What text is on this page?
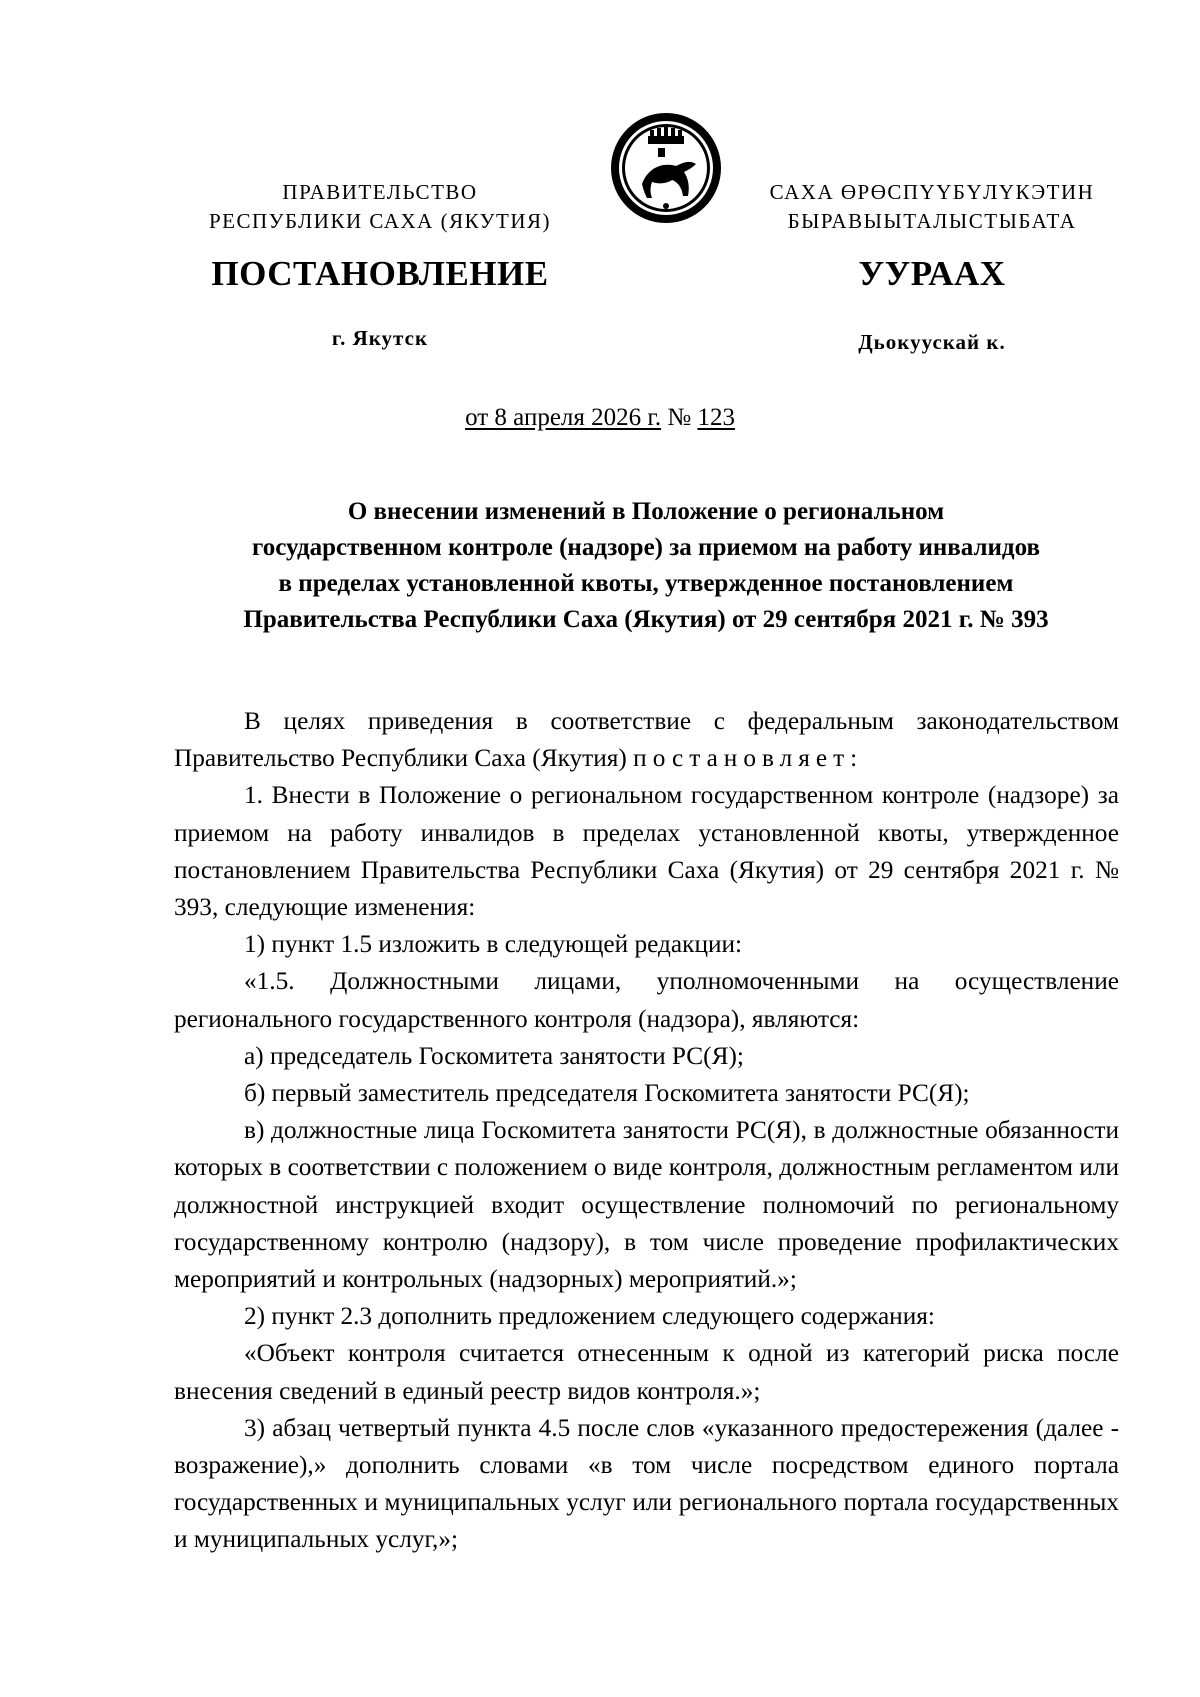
ПРАВИТЕЛЬСТВО
РЕСПУБЛИКИ САХА (ЯКУТИЯ)
САХА ӨРӨСПҮҮБҮЛҮКЭТИН
БЫРАВЫЫТАЛЫСТЫБАТА
ПОСТАНОВЛЕНИЕ	УУРААХ
г. Якутск	Дьокуускай к.
от 8 апреля 2026 г. № 123
О внесении изменений в Положение о региональном
государственном контроле (надзоре) за приемом на работу инвалидов
в пределах установленной квоты, утвержденное постановлением
Правительства Республики Саха (Якутия) от 29 сентября 2021 г. № 393

В целях приведения в соответствие с федеральным законодательством Правительство Республики Саха (Якутия) постановляет:

1. Внести в Положение о региональном государственном контроле (надзоре) за приемом на работу инвалидов в пределах установленной квоты, утвержденное постановлением Правительства Республики Саха (Якутия) от 29 сентября 2021 г. № 393, следующие изменения:

1) пункт 1.5 изложить в следующей редакции:

«1.5. Должностными лицами, уполномоченными на осуществление регионального государственного контроля (надзора), являются:

а) председатель Госкомитета занятости РС(Я);

б) первый заместитель председателя Госкомитета занятости РС(Я);

в) должностные лица Госкомитета занятости РС(Я), в должностные обязанности которых в соответствии с положением о виде контроля, должностным регламентом или должностной инструкцией входит осуществление полномочий по региональному государственному контролю (надзору), в том числе проведение профилактических мероприятий и контрольных (надзорных) мероприятий.»;

2) пункт 2.3 дополнить предложением следующего содержания:

«Объект контроля считается отнесенным к одной из категорий риска после внесения сведений в единый реестр видов контроля.»;

3) абзац четвертый пункта 4.5 после слов «указанного предостережения (далее - возражение),» дополнить словами «в том числе посредством единого портала государственных и муниципальных услуг или регионального портала государственных и муниципальных услуг,»;
